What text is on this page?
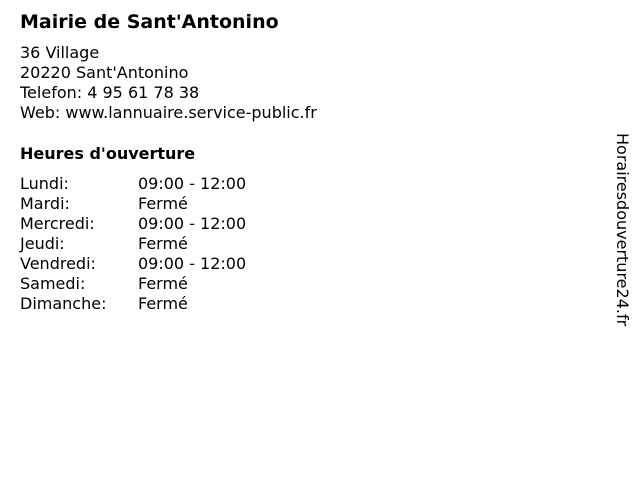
Mairie de Sant'Antonino
36 Village
20220 Sant'Antonino
Telefon: 4 95 61 78 38
Web: www.lannuaire.service-public.fr
Heures d'ouverture
Lundi:	09:00 - 12:00
Mardi:	Fermé
Mercredi:	09:00 - 12:00
Jeudi:	Fermé
Vendredi:	09:00 - 12:00
Samedi:	Fermé
Dimanche:	Fermé	Horairesdouverture24.fr
